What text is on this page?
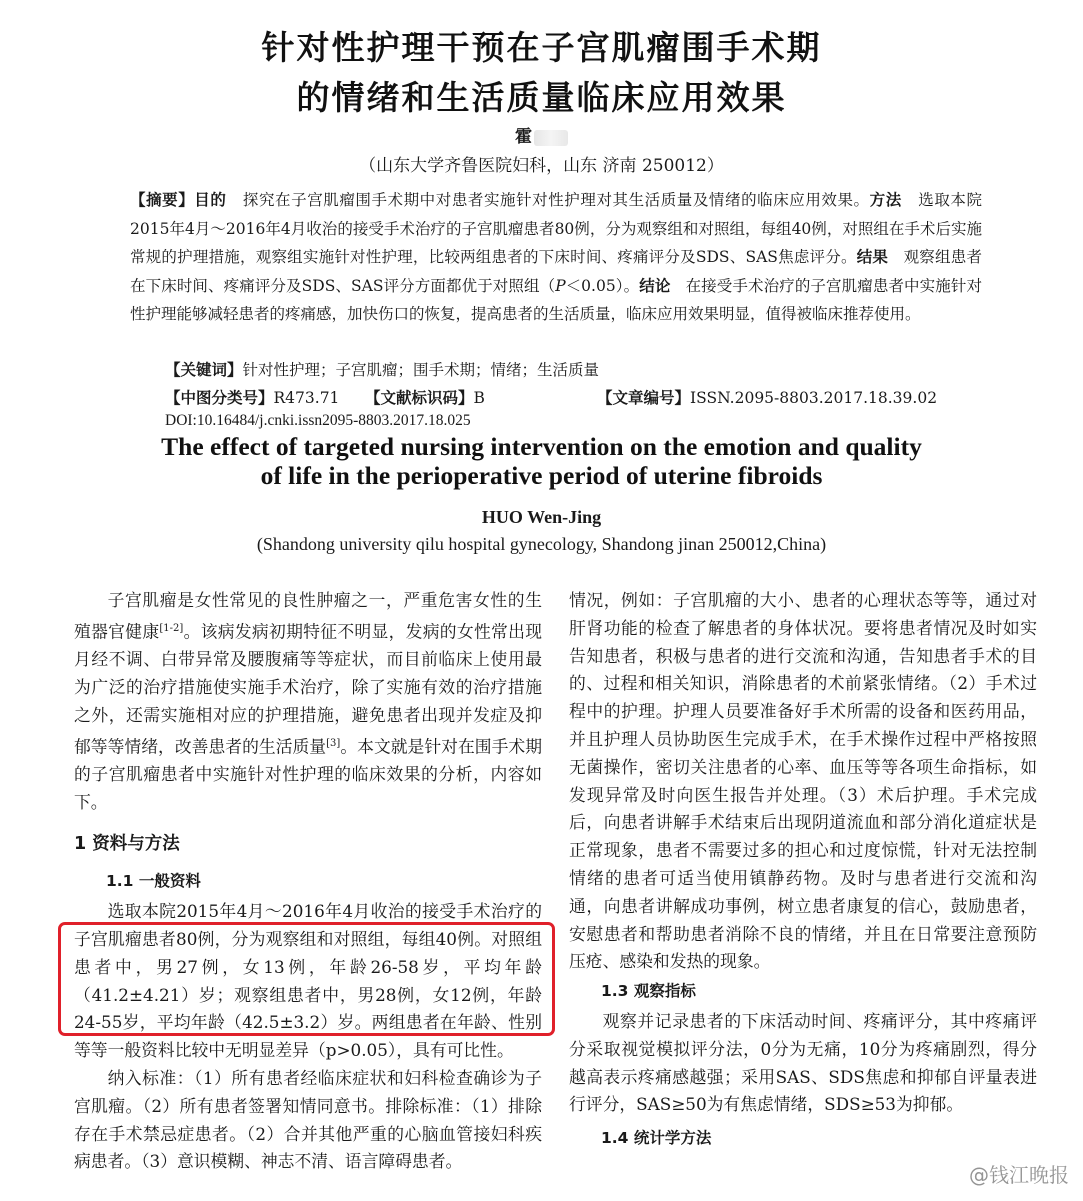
针对性护理干预在子宫肌瘤围手术期
的情绪和生活质量临床应用效果
霍
（山东大学齐鲁医院妇科，山东 济南 250012）
【摘要】目的 探究在子宫肌瘤围手术期中对患者实施针对性护理对其生活质量及情绪的临床应用效果。方法 选取本院2015年4月～2016年4月收治的接受手术治疗的子宫肌瘤患者80例，分为观察组和对照组，每组40例，对照组在手术后实施常规的护理措施，观察组实施针对性护理，比较两组患者的下床时间、疼痛评分及SDS、SAS焦虑评分。结果 观察组患者在下床时间、疼痛评分及SDS、SAS评分方面都优于对照组（P＜0.05）。结论 在接受手术治疗的子宫肌瘤患者中实施针对性护理能够减轻患者的疼痛感，加快伤口的恢复，提高患者的生活质量，临床应用效果明显，值得被临床推荐使用。
【关键词】针对性护理；子宫肌瘤；围手术期；情绪；生活质量
【中图分类号】R473.71 【文献标识码】B	【文章编号】ISSN.2095-8803.2017.18.39.02
DOI:10.16484/j.cnki.issn2095-8803.2017.18.025
The effect of targeted nursing intervention on the emotion and quality
of life in the perioperative period of uterine fibroids
HUO Wen-Jing
(Shandong university qilu hospital gynecology, Shandong jinan 250012,China)

子宫肌瘤是女性常见的良性肿瘤之一，严重危害女性的生殖器官健康[1-2]。该病发病初期特征不明显，发病的女性常出现月经不调、白带异常及腰腹痛等等症状，而目前临床上使用最为广泛的治疗措施使实施手术治疗，除了实施有效的治疗措施之外，还需实施相对应的护理措施，避免患者出现并发症及抑郁等等情绪，改善患者的生活质量[3]。本文就是针对在围手术期的子宫肌瘤患者中实施针对性护理的临床效果的分析，内容如下。

1 资料与方法
1.1 一般资料

选取本院2015年4月～2016年4月收治的接受手术治疗的子宫肌瘤患者80例，分为观察组和对照组，每组40例。对照组患者中，男27例，女13例，年龄26-58岁，平均年龄（41.2±4.21）岁；观察组患者中，男28例，女12例，年龄24-55岁，平均年龄（42.5±3.2）岁。两组患者在年龄、性别等等一般资料比较中无明显差异（p>0.05），具有可比性。

纳入标准：（1）所有患者经临床症状和妇科检查确诊为子宫肌瘤。（2）所有患者签署知情同意书。排除标准：（1）排除存在手术禁忌症患者。（2）合并其他严重的心脑血管接妇科疾病患者。（3）意识模糊、神志不清、语言障碍患者。

情况，例如：子宫肌瘤的大小、患者的心理状态等等，通过对肝肾功能的检查了解患者的身体状况。要将患者情况及时如实告知患者，积极与患者的进行交流和沟通，告知患者手术的目的、过程和相关知识，消除患者的术前紧张情绪。（2）手术过程中的护理。护理人员要准备好手术所需的设备和医药用品，并且护理人员协助医生完成手术，在手术操作过程中严格按照无菌操作，密切关注患者的心率、血压等等各项生命指标，如发现异常及时向医生报告并处理。（3）术后护理。手术完成后，向患者讲解手术结束后出现阴道流血和部分消化道症状是正常现象，患者不需要过多的担心和过度惊慌，针对无法控制情绪的患者可适当使用镇静药物。及时与患者进行交流和沟通，向患者讲解成功事例，树立患者康复的信心，鼓励患者，安慰患者和帮助患者消除不良的情绪，并且在日常要注意预防压疮、感染和发热的现象。

1.3 观察指标

观察并记录患者的下床活动时间、疼痛评分，其中疼痛评分采取视觉模拟评分法，0分为无痛，10分为疼痛剧烈，得分越高表示疼痛感越强；采用SAS、SDS焦虑和抑郁自评量表进行评分，SAS≥50为有焦虑情绪，SDS≥53为抑郁。

1.4 统计学方法
@钱江晚报
